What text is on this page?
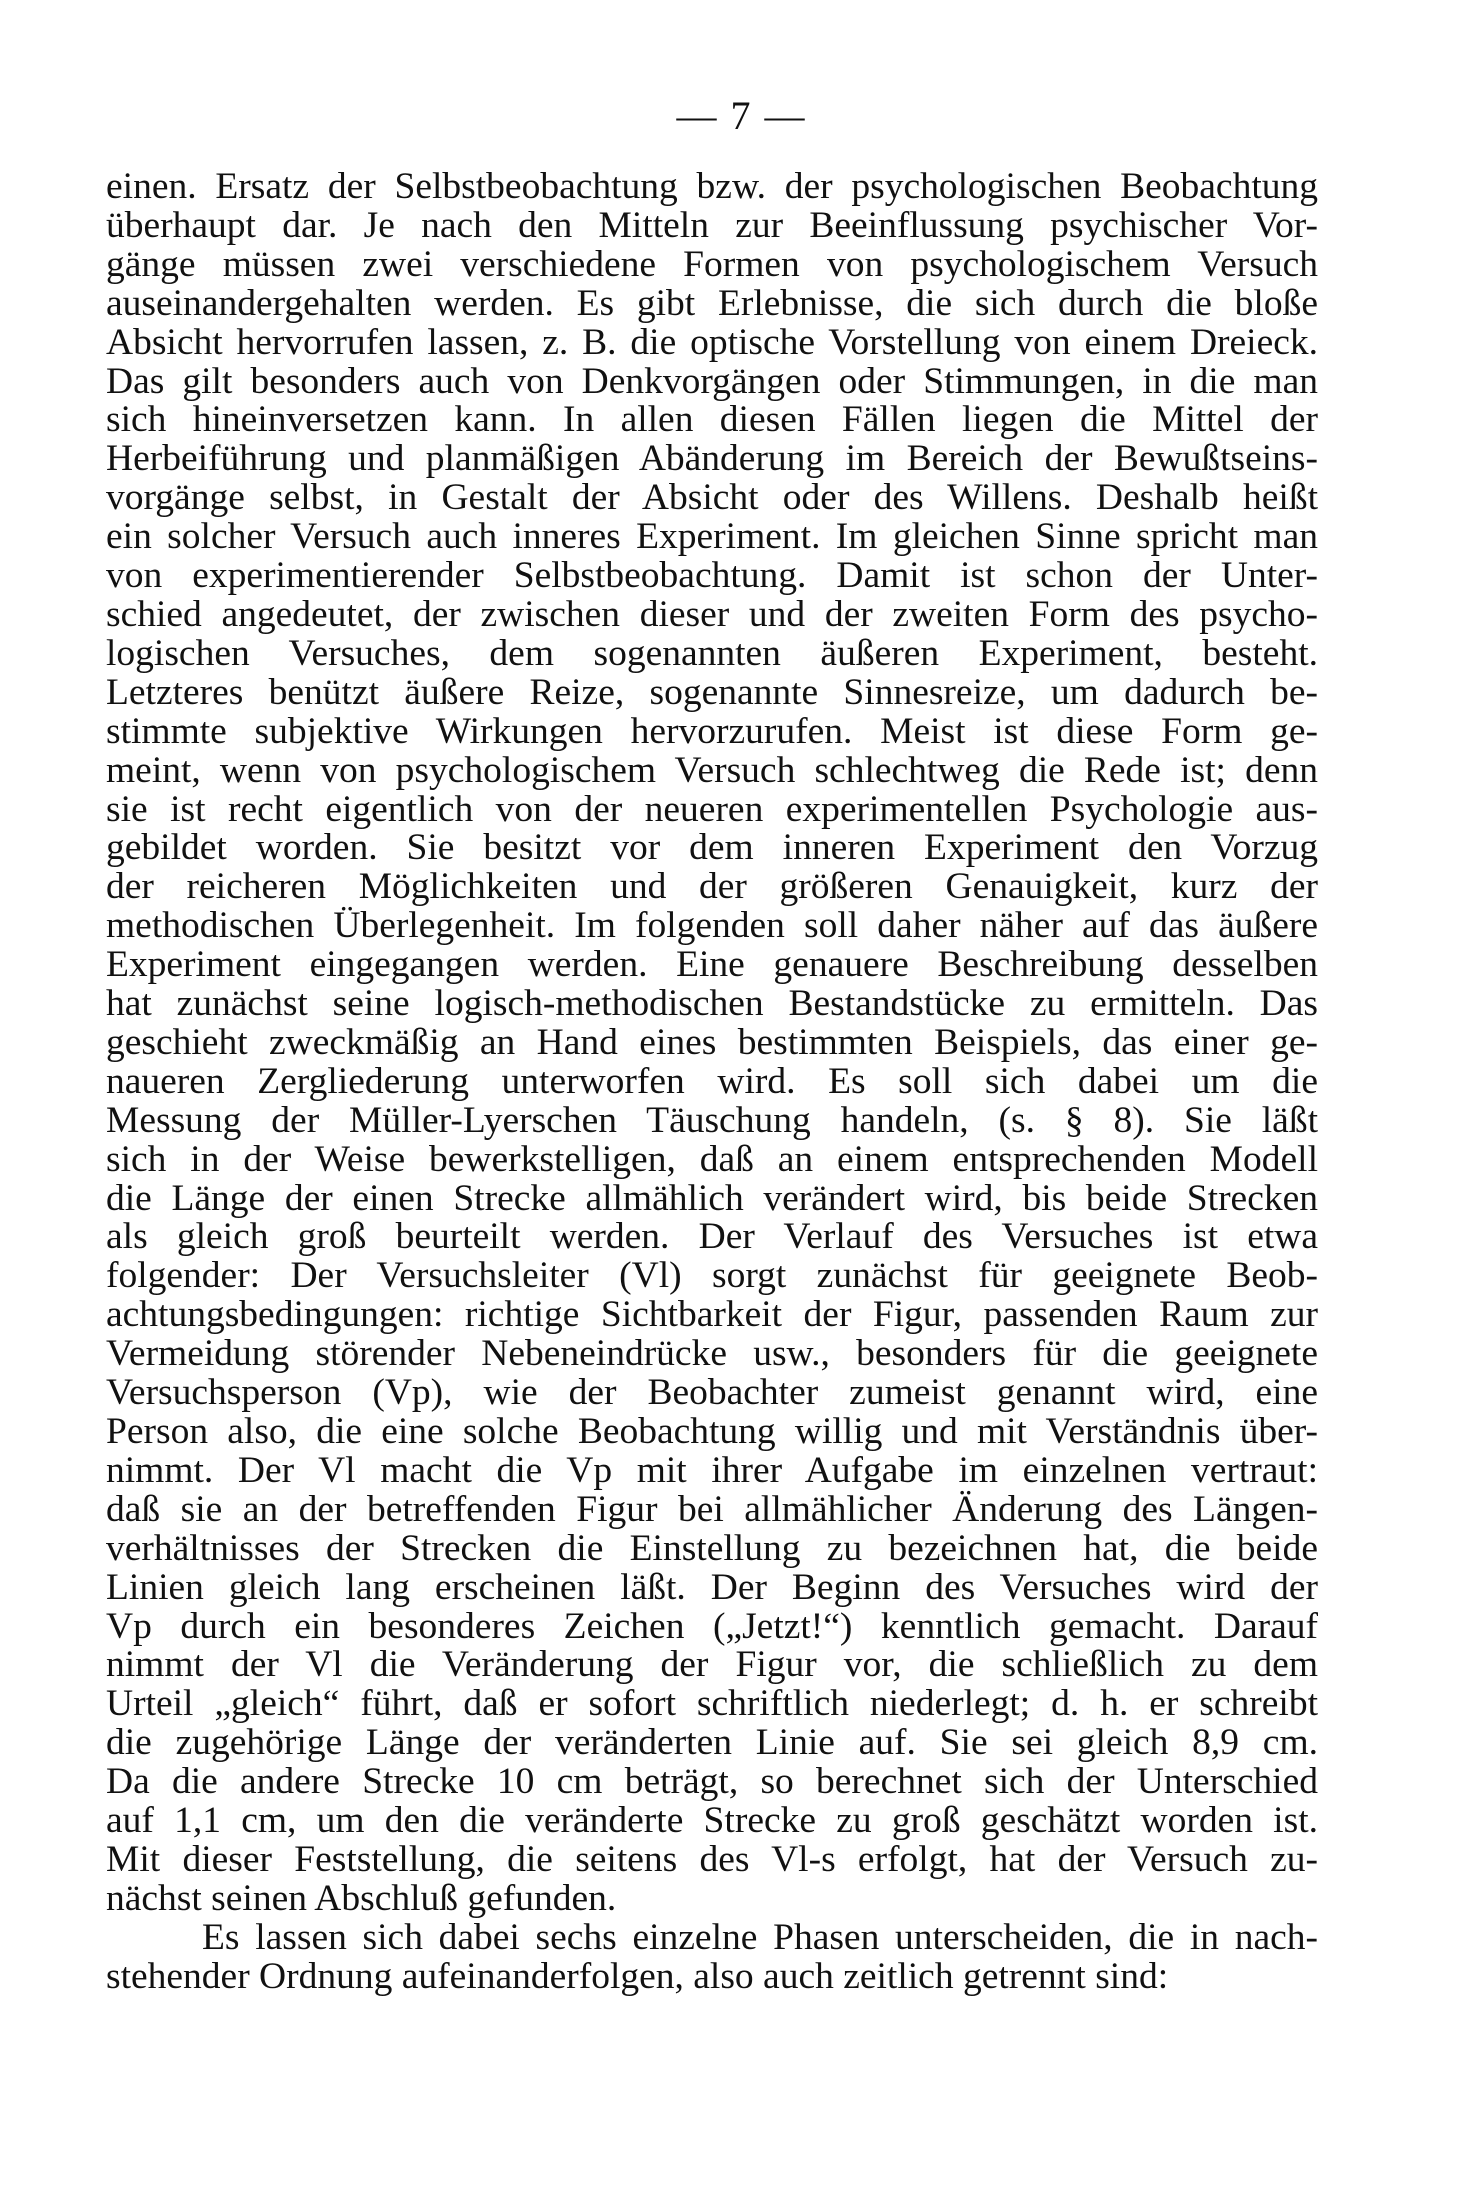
— 7 —
einen. Ersatz der Selbstbeobachtung bzw. der psychologischen Beobachtung
überhaupt dar. Je nach den Mitteln zur Beeinflussung psychischer Vor-
gänge müssen zwei verschiedene Formen von psychologischem Versuch
auseinandergehalten werden. Es gibt Erlebnisse, die sich durch die bloße
Absicht hervorrufen lassen, z. B. die optische Vorstellung von einem Dreieck.
Das gilt besonders auch von Denkvorgängen oder Stimmungen, in die man
sich hineinversetzen kann. In allen diesen Fällen liegen die Mittel der
Herbeiführung und planmäßigen Abänderung im Bereich der Bewußtseins-
vorgänge selbst, in Gestalt der Absicht oder des Willens. Deshalb heißt
ein solcher Versuch auch inneres Experiment. Im gleichen Sinne spricht man
von experimentierender Selbstbeobachtung. Damit ist schon der Unter-
schied angedeutet, der zwischen dieser und der zweiten Form des psycho-
logischen Versuches, dem sogenannten äußeren Experiment, besteht.
Letzteres benützt äußere Reize, sogenannte Sinnesreize, um dadurch be-
stimmte subjektive Wirkungen hervorzurufen. Meist ist diese Form ge-
meint, wenn von psychologischem Versuch schlechtweg die Rede ist; denn
sie ist recht eigentlich von der neueren experimentellen Psychologie aus-
gebildet worden. Sie besitzt vor dem inneren Experiment den Vorzug
der reicheren Möglichkeiten und der größeren Genauigkeit, kurz der
methodischen Überlegenheit. Im folgenden soll daher näher auf das äußere
Experiment eingegangen werden. Eine genauere Beschreibung desselben
hat zunächst seine logisch-methodischen Bestandstücke zu ermitteln. Das
geschieht zweckmäßig an Hand eines bestimmten Beispiels, das einer ge-
naueren Zergliederung unterworfen wird. Es soll sich dabei um die
Messung der Müller-Lyerschen Täuschung handeln, (s. § 8). Sie läßt
sich in der Weise bewerkstelligen, daß an einem entsprechenden Modell
die Länge der einen Strecke allmählich verändert wird, bis beide Strecken
als gleich groß beurteilt werden. Der Verlauf des Versuches ist etwa
folgender: Der Versuchsleiter (Vl) sorgt zunächst für geeignete Beob-
achtungsbedingungen: richtige Sichtbarkeit der Figur, passenden Raum zur
Vermeidung störender Nebeneindrücke usw., besonders für die geeignete
Versuchsperson (Vp), wie der Beobachter zumeist genannt wird, eine
Person also, die eine solche Beobachtung willig und mit Verständnis über-
nimmt. Der Vl macht die Vp mit ihrer Aufgabe im einzelnen vertraut:
daß sie an der betreffenden Figur bei allmählicher Änderung des Längen-
verhältnisses der Strecken die Einstellung zu bezeichnen hat, die beide
Linien gleich lang erscheinen läßt. Der Beginn des Versuches wird der
Vp durch ein besonderes Zeichen („Jetzt!“) kenntlich gemacht. Darauf
nimmt der Vl die Veränderung der Figur vor, die schließlich zu dem
Urteil „gleich“ führt, daß er sofort schriftlich niederlegt; d. h. er schreibt
die zugehörige Länge der veränderten Linie auf. Sie sei gleich 8,9 cm.
Da die andere Strecke 10 cm beträgt, so berechnet sich der Unterschied
auf 1,1 cm, um den die veränderte Strecke zu groß geschätzt worden ist.
Mit dieser Feststellung, die seitens des Vl-s erfolgt, hat der Versuch zu-
nächst seinen Abschluß gefunden.
Es lassen sich dabei sechs einzelne Phasen unterscheiden, die in nach-
stehender Ordnung aufeinanderfolgen, also auch zeitlich getrennt sind:
